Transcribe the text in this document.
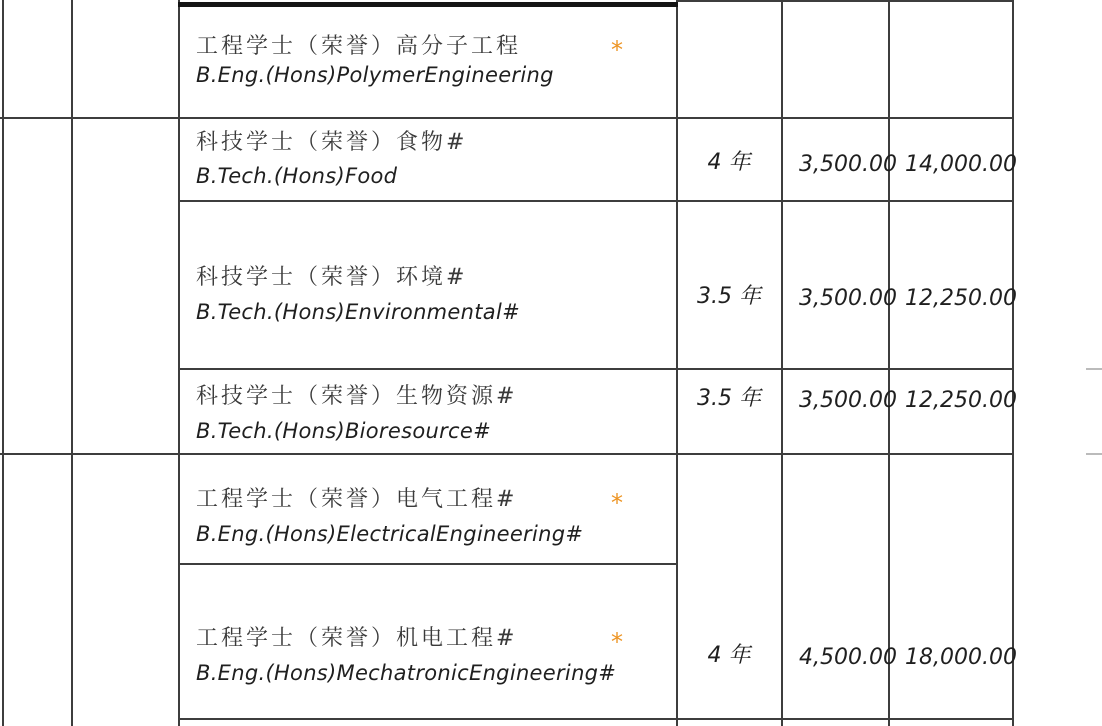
工程学士（荣誉）高分子工程
B.Eng.(Hons)PolymerEngineering
*
科技学士（荣誉）食物#
B.Tech.(Hons)Food
4 年	3,500.00 14,000.00
科技学士（荣誉）环境#
B.Tech.(Hons)Environmental#
3.5 年	3,500.00 12,250.00
科技学士（荣誉）生物资源#
B.Tech.(Hons)Bioresource#
3.5 年	3,500.00 12,250.00
工程学士（荣誉）电气工程#
B.Eng.(Hons)ElectricalEngineering#
*
工程学士（荣誉）机电工程#
B.Eng.(Hons)MechatronicEngineering#
*	4 年	4,500.00 18,000.00
